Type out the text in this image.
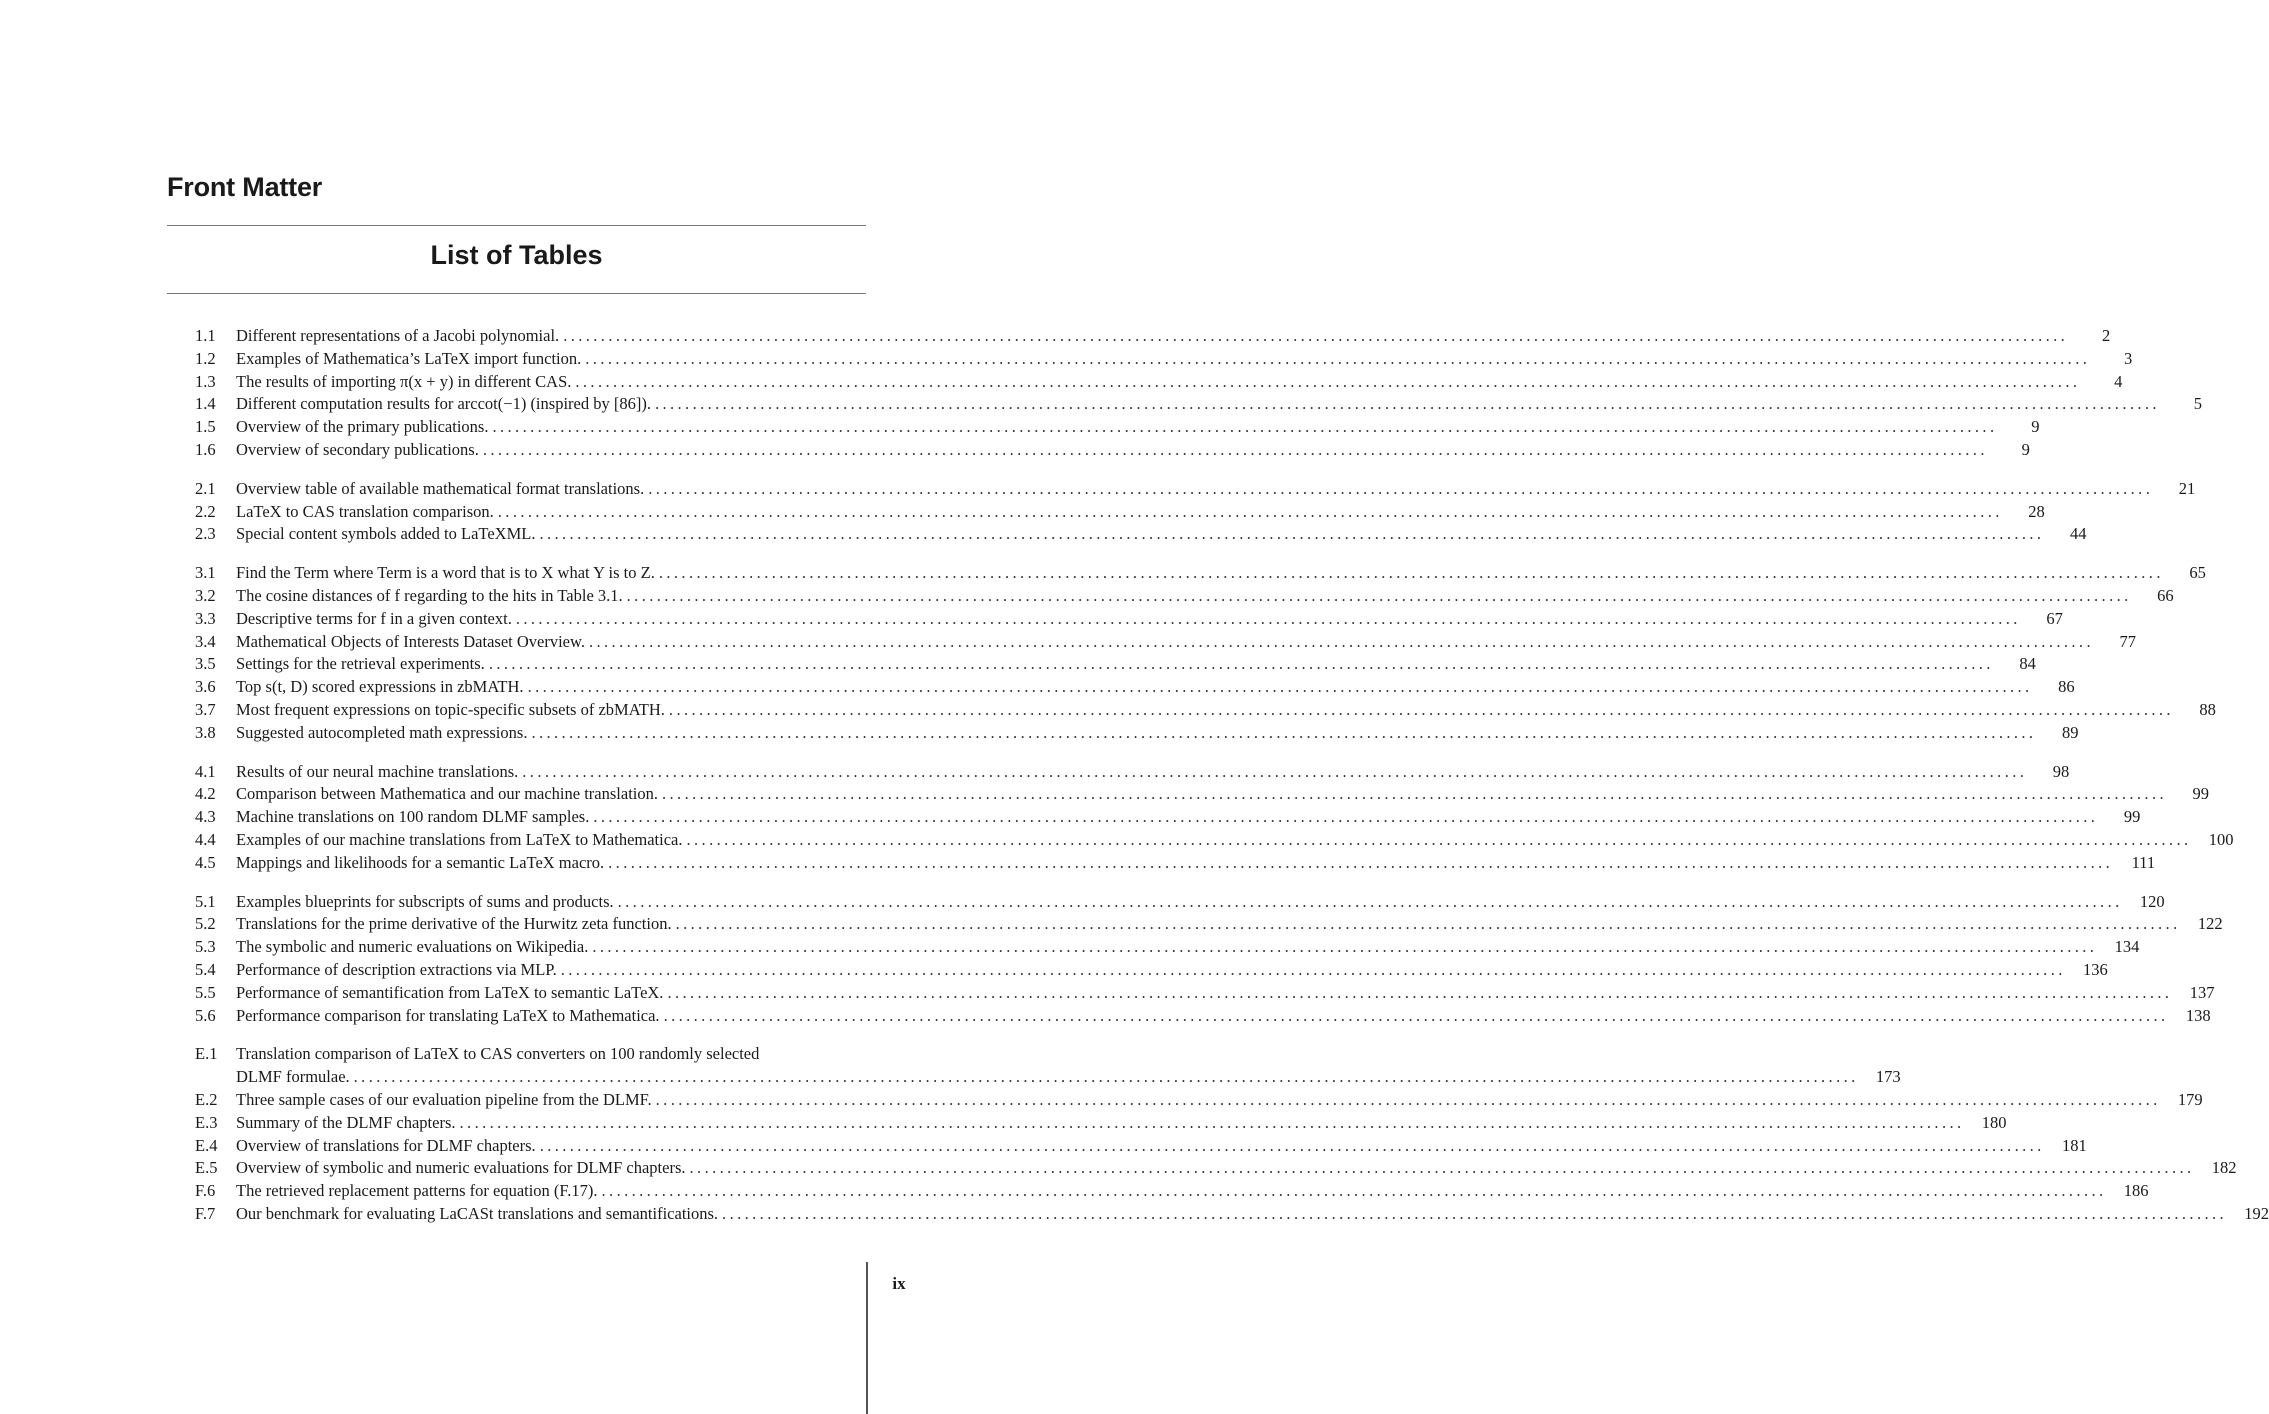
Front Matter
List of Tables
1.1	Different representations of a Jacobi polynomial. ........................................................................................................................................................................................................	2
1.2	Examples of Mathematica’s LaTeX import function. ........................................................................................................................................................................................................	3
1.3	The results of importing π(x + y) in different CAS. ........................................................................................................................................................................................................	4
1.4	Different computation results for arccot(−1) (inspired by [86]). ........................................................................................................................................................................................................	5
1.5	Overview of the primary publications. ........................................................................................................................................................................................................	9
1.6	Overview of secondary publications. ........................................................................................................................................................................................................	9
2.1	Overview table of available mathematical format translations. ........................................................................................................................................................................................................	21
2.2	LaTeX to CAS translation comparison. ........................................................................................................................................................................................................	28
2.3	Special content symbols added to LaTeXML. ........................................................................................................................................................................................................	44
3.1	Find the Term where Term is a word that is to X what Y is to Z. ........................................................................................................................................................................................................	65
3.2	The cosine distances of f regarding to the hits in Table 3.1. ........................................................................................................................................................................................................	66
3.3	Descriptive terms for f in a given context. ........................................................................................................................................................................................................	67
3.4	Mathematical Objects of Interests Dataset Overview. ........................................................................................................................................................................................................	77
3.5	Settings for the retrieval experiments. ........................................................................................................................................................................................................	84
3.6	Top s(t, D) scored expressions in zbMATH. ........................................................................................................................................................................................................	86
3.7	Most frequent expressions on topic-specific subsets of zbMATH. ........................................................................................................................................................................................................	88
3.8	Suggested autocompleted math expressions. ........................................................................................................................................................................................................	89
4.1	Results of our neural machine translations. ........................................................................................................................................................................................................	98
4.2	Comparison between Mathematica and our machine translation. ........................................................................................................................................................................................................	99
4.3	Machine translations on 100 random DLMF samples. ........................................................................................................................................................................................................	99
4.4	Examples of our machine translations from LaTeX to Mathematica. ........................................................................................................................................................................................................ 100
4.5	Mappings and likelihoods for a semantic LaTeX macro. ........................................................................................................................................................................................................ 111
5.1	Examples blueprints for subscripts of sums and products. ........................................................................................................................................................................................................ 120
5.2	Translations for the prime derivative of the Hurwitz zeta function. ........................................................................................................................................................................................................ 122
5.3	The symbolic and numeric evaluations on Wikipedia. ........................................................................................................................................................................................................ 134
5.4	Performance of description extractions via MLP. ........................................................................................................................................................................................................ 136
5.5	Performance of semantification from LaTeX to semantic LaTeX. ........................................................................................................................................................................................................ 137
5.6	Performance comparison for translating LaTeX to Mathematica. ........................................................................................................................................................................................................ 138
E.1	Translation comparison of LaTeX to CAS converters on 100 randomly selected
DLMF formulae. ........................................................................................................................................................................................................ 173
E.2	Three sample cases of our evaluation pipeline from the DLMF. ........................................................................................................................................................................................................ 179
E.3	Summary of the DLMF chapters. ........................................................................................................................................................................................................ 180
E.4	Overview of translations for DLMF chapters. ........................................................................................................................................................................................................ 181
E.5	Overview of symbolic and numeric evaluations for DLMF chapters. ........................................................................................................................................................................................................ 182
F.6	The retrieved replacement patterns for equation (F.17). ........................................................................................................................................................................................................ 186
F.7	Our benchmark for evaluating LaCASt translations and semantifications. ........................................................................................................................................................................................................ 192
ix
